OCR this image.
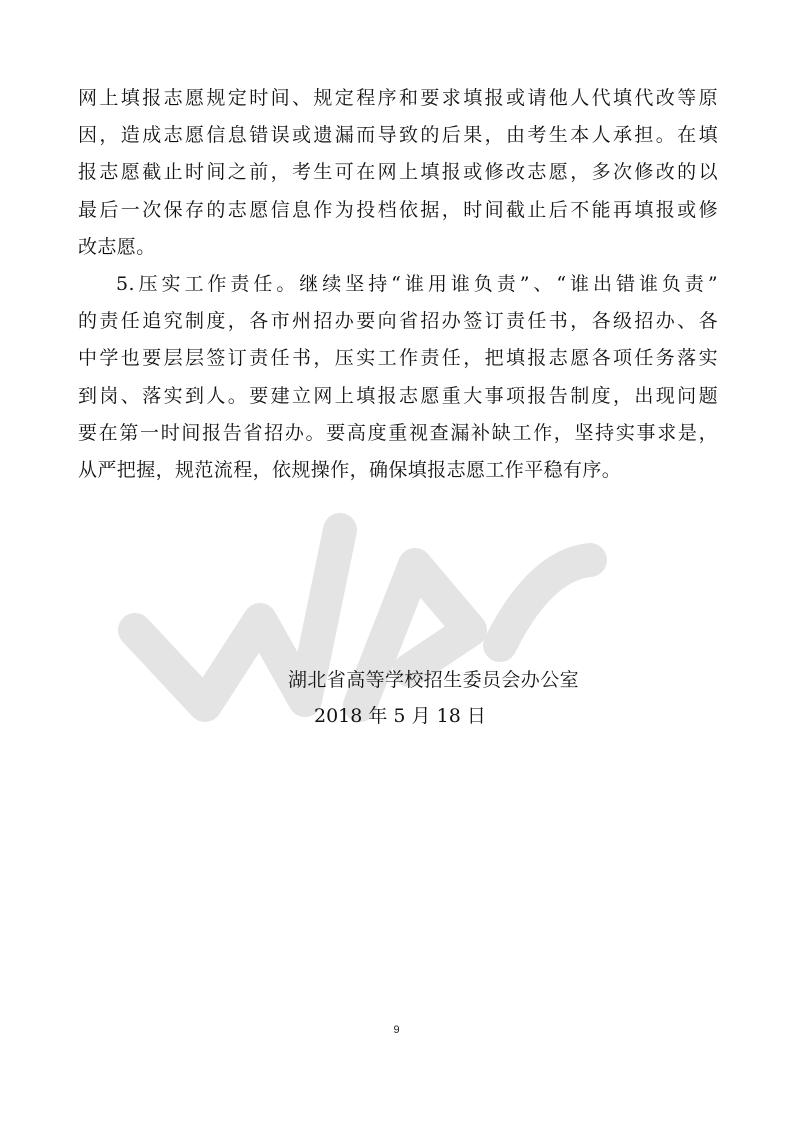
网上填报志愿规定时间、规定程序和要求填报或请他人代填代改等原
因，造成志愿信息错误或遗漏而导致的后果，由考生本人承担。在填
报志愿截止时间之前，考生可在网上填报或修改志愿，多次修改的以
最后一次保存的志愿信息作为投档依据，时间截止后不能再填报或修
改志愿。
5.压实工作责任。继续坚持“谁用谁负责”、“谁出错谁负责”
的责任追究制度，各市州招办要向省招办签订责任书，各级招办、各
中学也要层层签订责任书，压实工作责任，把填报志愿各项任务落实
到岗、落实到人。要建立网上填报志愿重大事项报告制度，出现问题
要在第一时间报告省招办。要高度重视查漏补缺工作，坚持实事求是，
从严把握，规范流程，依规操作，确保填报志愿工作平稳有序。
湖北省高等学校招生委员会办公室
2018 年 5 月 18 日
9
